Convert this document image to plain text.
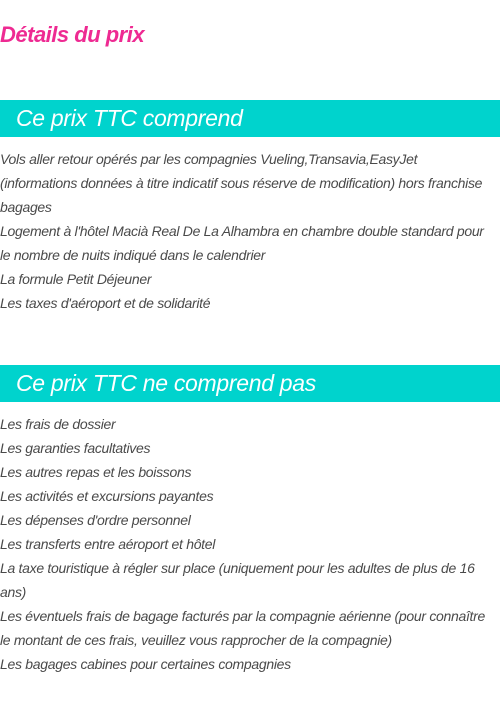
Détails du prix
Ce prix TTC comprend
Vols aller retour opérés par les compagnies Vueling,Transavia,EasyJet (informations données à titre indicatif sous réserve de modification) hors franchise bagages
Logement à l'hôtel Macià Real De La Alhambra en chambre double standard pour le nombre de nuits indiqué dans le calendrier
La formule Petit Déjeuner
Les taxes d'aéroport et de solidarité
Ce prix TTC ne comprend pas
Les frais de dossier
Les garanties facultatives
Les autres repas et les boissons
Les activités et excursions payantes
Les dépenses d'ordre personnel
Les transferts entre aéroport et hôtel
La taxe touristique à régler sur place (uniquement pour les adultes de plus de 16 ans)
Les éventuels frais de bagage facturés par la compagnie aérienne (pour connaître le montant de ces frais, veuillez vous rapprocher de la compagnie)
Les bagages cabines pour certaines compagnies
